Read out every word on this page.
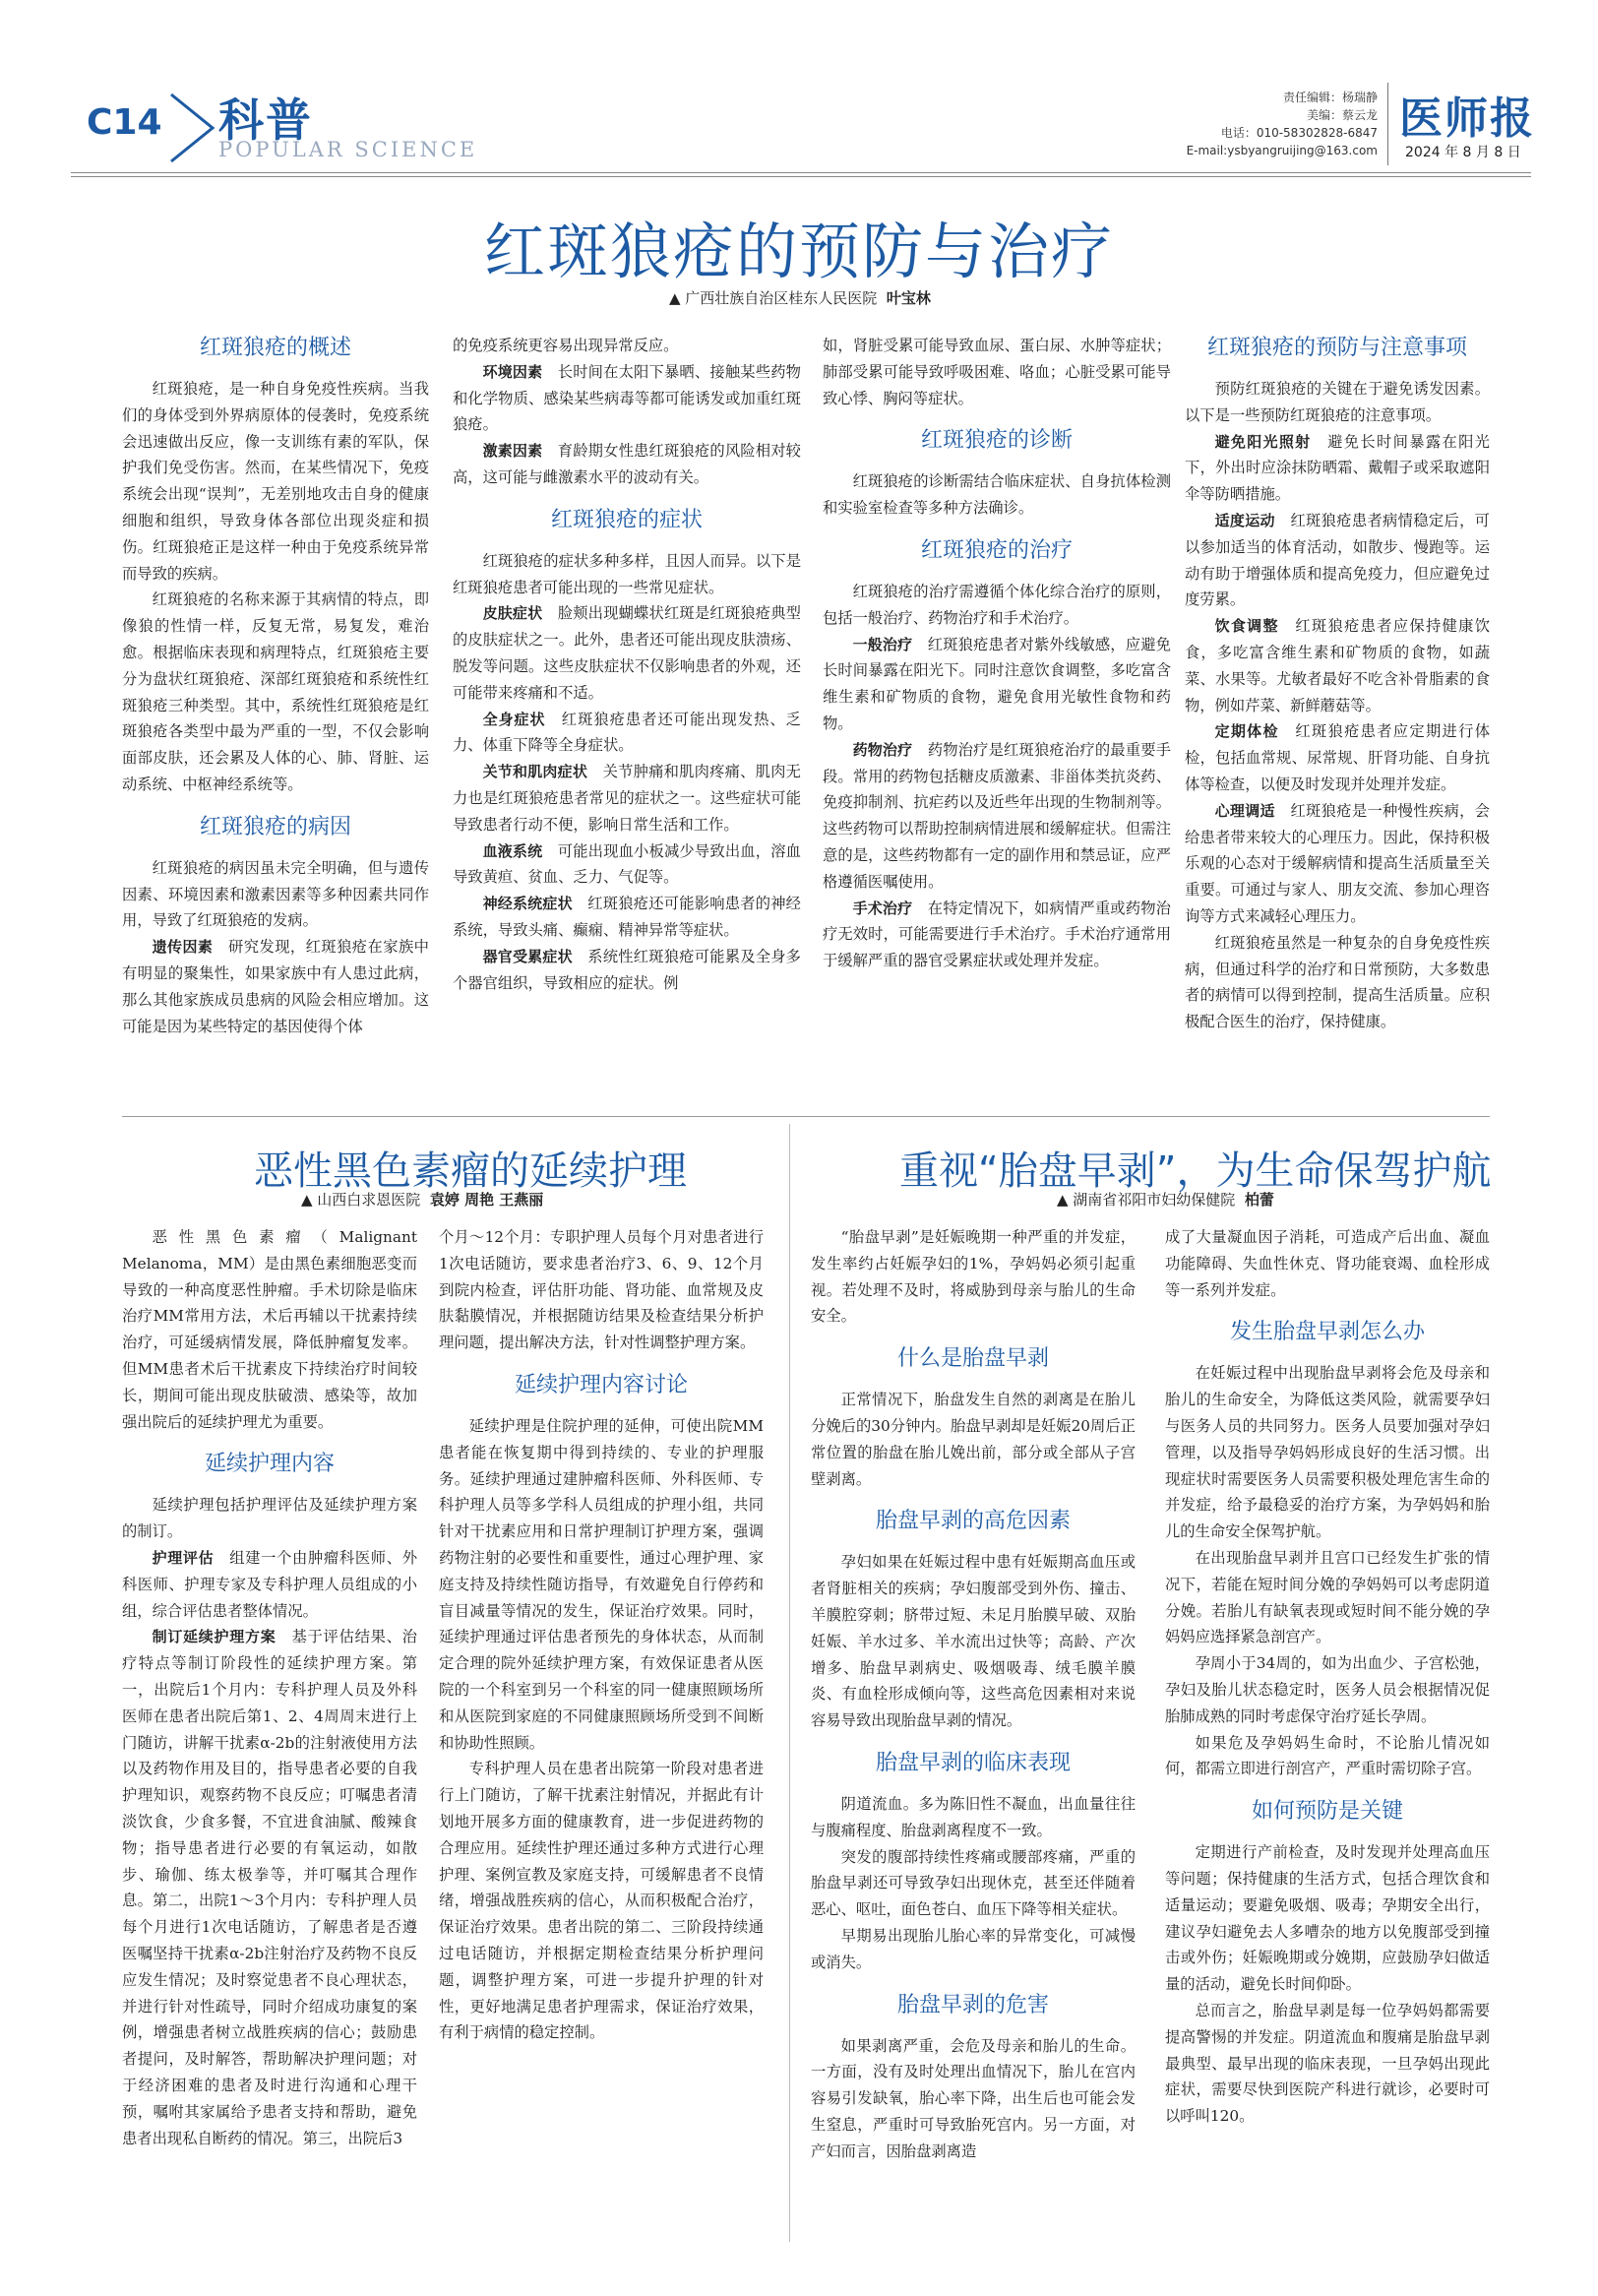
C14 科普
POPULAR SCIENCE
责任编辑：杨瑞静
美编：蔡云龙
电话：010-58302828-6847
E-mail:ysbyangruijing@163.com
医师报
2024 年 8 月 8 日
红斑狼疮的预防与治疗
▲ 广西壮族自治区桂东人民医院 叶宝林
红斑狼疮的概述

红斑狼疮，是一种自身免疫性疾病。当我们的身体受到外界病原体的侵袭时，免疫系统会迅速做出反应，像一支训练有素的军队，保护我们免受伤害。然而，在某些情况下，免疫系统会出现“误判”，无差别地攻击自身的健康细胞和组织，导致身体各部位出现炎症和损伤。红斑狼疮正是这样一种由于免疫系统异常而导致的疾病。

红斑狼疮的名称来源于其病情的特点，即像狼的性情一样，反复无常，易复发，难治愈。根据临床表现和病理特点，红斑狼疮主要分为盘状红斑狼疮、深部红斑狼疮和系统性红斑狼疮三种类型。其中，系统性红斑狼疮是红斑狼疮各类型中最为严重的一型，不仅会影响面部皮肤，还会累及人体的心、肺、肾脏、运动系统、中枢神经系统等。

红斑狼疮的病因

红斑狼疮的病因虽未完全明确，但与遗传因素、环境因素和激素因素等多种因素共同作用，导致了红斑狼疮的发病。

遗传因素　 研究发现，红斑狼疮在家族中有明显的聚集性，如果家族中有人患过此病，那么其他家族成员患病的风险会相应增加。这可能是因为某些特定的基因使得个体

的免疫系统更容易出现异常反应。

环境因素　 长时间在太阳下暴晒、接触某些药物和化学物质、感染某些病毒等都可能诱发或加重红斑狼疮。

激素因素　 育龄期女性患红斑狼疮的风险相对较高，这可能与雌激素水平的波动有关。

红斑狼疮的症状

红斑狼疮的症状多种多样，且因人而异。以下是红斑狼疮患者可能出现的一些常见症状。

皮肤症状　 脸颊出现蝴蝶状红斑是红斑狼疮典型的皮肤症状之一。此外，患者还可能出现皮肤溃疡、脱发等问题。这些皮肤症状不仅影响患者的外观，还可能带来疼痛和不适。

全身症状　 红斑狼疮患者还可能出现发热、乏力、体重下降等全身症状。

关节和肌肉症状　 关节肿痛和肌肉疼痛、肌肉无力也是红斑狼疮患者常见的症状之一。这些症状可能导致患者行动不便，影响日常生活和工作。

血液系统　 可能出现血小板减少导致出血，溶血导致黄疸、贫血、乏力、气促等。

神经系统症状　 红斑狼疮还可能影响患者的神经系统，导致头痛、癫痫、精神异常等症状。

器官受累症状　 系统性红斑狼疮可能累及全身多个器官组织，导致相应的症状。例

如，肾脏受累可能导致血尿、蛋白尿、水肿等症状；肺部受累可能导致呼吸困难、咯血；心脏受累可能导致心悸、胸闷等症状。

红斑狼疮的诊断

红斑狼疮的诊断需结合临床症状、自身抗体检测和实验室检查等多种方法确诊。

红斑狼疮的治疗

红斑狼疮的治疗需遵循个体化综合治疗的原则，包括一般治疗、药物治疗和手术治疗。

一般治疗　 红斑狼疮患者对紫外线敏感，应避免长时间暴露在阳光下。同时注意饮食调整，多吃富含维生素和矿物质的食物，避免食用光敏性食物和药物。

药物治疗　 药物治疗是红斑狼疮治疗的最重要手段。常用的药物包括糖皮质激素、非甾体类抗炎药、免疫抑制剂、抗疟药以及近些年出现的生物制剂等。这些药物可以帮助控制病情进展和缓解症状。但需注意的是，这些药物都有一定的副作用和禁忌证，应严格遵循医嘱使用。

手术治疗　 在特定情况下，如病情严重或药物治疗无效时，可能需要进行手术治疗。手术治疗通常用于缓解严重的器官受累症状或处理并发症。

红斑狼疮的预防与注意事项

预防红斑狼疮的关键在于避免诱发因素。以下是一些预防红斑狼疮的注意事项。

避免阳光照射　 避免长时间暴露在阳光下，外出时应涂抹防晒霜、戴帽子或采取遮阳伞等防晒措施。

适度运动　 红斑狼疮患者病情稳定后，可以参加适当的体育活动，如散步、慢跑等。运动有助于增强体质和提高免疫力，但应避免过度劳累。

饮食调整　 红斑狼疮患者应保持健康饮食，多吃富含维生素和矿物质的食物，如蔬菜、水果等。尤敏者最好不吃含补骨脂素的食物，例如芹菜、新鲜蘑菇等。

定期体检　 红斑狼疮患者应定期进行体检，包括血常规、尿常规、肝肾功能、自身抗体等检查，以便及时发现并处理并发症。

心理调适　 红斑狼疮是一种慢性疾病，会给患者带来较大的心理压力。因此，保持积极乐观的心态对于缓解病情和提高生活质量至关重要。可通过与家人、朋友交流、参加心理咨询等方式来减轻心理压力。

红斑狼疮虽然是一种复杂的自身免疫性疾病，但通过科学的治疗和日常预防，大多数患者的病情可以得到控制，提高生活质量。应积极配合医生的治疗，保持健康。

恶性黑色素瘤的延续护理
▲ 山西白求恩医院 袁婷 周艳 王燕丽

恶性黑色素瘤（Malignant Melanoma，MM）是由黑色素细胞恶变而导致的一种高度恶性肿瘤。手术切除是临床治疗MM常用方法，术后再辅以干扰素持续治疗，可延缓病情发展，降低肿瘤复发率。但MM患者术后干扰素皮下持续治疗时间较长，期间可能出现皮肤破溃、感染等，故加强出院后的延续护理尤为重要。

延续护理内容

延续护理包括护理评估及延续护理方案的制订。

护理评估　 组建一个由肿瘤科医师、外科医师、护理专家及专科护理人员组成的小组，综合评估患者整体情况。

制订延续护理方案　 基于评估结果、治疗特点等制订阶段性的延续护理方案。第一，出院后1个月内：专科护理人员及外科医师在患者出院后第1、2、4周周末进行上门随访，讲解干扰素α-2b的注射液使用方法以及药物作用及目的，指导患者必要的自我护理知识，观察药物不良反应；叮嘱患者清淡饮食，少食多餐，不宜进食油腻、酸辣食物；指导患者进行必要的有氧运动，如散步、瑜伽、练太极拳等，并叮嘱其合理作息。第二，出院1～3个月内：专科护理人员每个月进行1次电话随访，了解患者是否遵医嘱坚持干扰素α-2b注射治疗及药物不良反应发生情况；及时察觉患者不良心理状态，并进行针对性疏导，同时介绍成功康复的案例，增强患者树立战胜疾病的信心；鼓励患者提问，及时解答，帮助解决护理问题；对于经济困难的患者及时进行沟通和心理干预，嘱咐其家属给予患者支持和帮助，避免患者出现私自断药的情况。第三，出院后3

个月～12个月：专职护理人员每个月对患者进行1次电话随访，要求患者治疗3、6、9、12个月到院内检查，评估肝功能、肾功能、血常规及皮肤黏膜情况，并根据随访结果及检查结果分析护理问题，提出解决方法，针对性调整护理方案。

延续护理内容讨论

延续护理是住院护理的延伸，可使出院MM患者能在恢复期中得到持续的、专业的护理服务。延续护理通过建肿瘤科医师、外科医师、专科护理人员等多学科人员组成的护理小组，共同针对干扰素应用和日常护理制订护理方案，强调药物注射的必要性和重要性，通过心理护理、家庭支持及持续性随访指导，有效避免自行停药和盲目减量等情况的发生，保证治疗效果。同时，延续护理通过评估患者预先的身体状态，从而制定合理的院外延续护理方案，有效保证患者从医院的一个科室到另一个科室的同一健康照顾场所和从医院到家庭的不同健康照顾场所受到不间断和协助性照顾。

专科护理人员在患者出院第一阶段对患者进行上门随访，了解干扰素注射情况，并据此有计划地开展多方面的健康教育，进一步促进药物的合理应用。延续性护理还通过多种方式进行心理护理、案例宣教及家庭支持，可缓解患者不良情绪，增强战胜疾病的信心，从而积极配合治疗，保证治疗效果。患者出院的第二、三阶段持续通过电话随访，并根据定期检查结果分析护理问题，调整护理方案，可进一步提升护理的针对性，更好地满足患者护理需求，保证治疗效果，有利于病情的稳定控制。

重视“胎盘早剥”，为生命保驾护航
▲ 湖南省祁阳市妇幼保健院 柏蕾

“胎盘早剥”是妊娠晚期一种严重的并发症，发生率约占妊娠孕妇的1%，孕妈妈必须引起重视。若处理不及时，将威胁到母亲与胎儿的生命安全。

什么是胎盘早剥

正常情况下，胎盘发生自然的剥离是在胎儿分娩后的30分钟内。胎盘早剥却是妊娠20周后正常位置的胎盘在胎儿娩出前，部分或全部从子宫壁剥离。

胎盘早剥的高危因素

孕妇如果在妊娠过程中患有妊娠期高血压或者肾脏相关的疾病；孕妇腹部受到外伤、撞击、羊膜腔穿刺；脐带过短、未足月胎膜早破、双胎妊娠、羊水过多、羊水流出过快等；高龄、产次增多、胎盘早剥病史、吸烟吸毒、绒毛膜羊膜炎、有血栓形成倾向等，这些高危因素相对来说容易导致出现胎盘早剥的情况。

胎盘早剥的临床表现

阴道流血。多为陈旧性不凝血，出血量往往与腹痛程度、胎盘剥离程度不一致。

突发的腹部持续性疼痛或腰部疼痛，严重的胎盘早剥还可导致孕妇出现休克，甚至还伴随着恶心、呕吐，面色苍白、血压下降等相关症状。

早期易出现胎儿胎心率的异常变化，可减慢或消失。

胎盘早剥的危害

如果剥离严重，会危及母亲和胎儿的生命。一方面，没有及时处理出血情况下，胎儿在宫内容易引发缺氧，胎心率下降，出生后也可能会发生窒息，严重时可导致胎死宫内。另一方面，对产妇而言，因胎盘剥离造

成了大量凝血因子消耗，可造成产后出血、凝血功能障碍、失血性休克、肾功能衰竭、血栓形成等一系列并发症。

发生胎盘早剥怎么办

在妊娠过程中出现胎盘早剥将会危及母亲和胎儿的生命安全，为降低这类风险，就需要孕妇与医务人员的共同努力。医务人员要加强对孕妇管理，以及指导孕妈妈形成良好的生活习惯。出现症状时需要医务人员需要积极处理危害生命的并发症，给予最稳妥的治疗方案，为孕妈妈和胎儿的生命安全保驾护航。

在出现胎盘早剥并且宫口已经发生扩张的情况下，若能在短时间分娩的孕妈妈可以考虑阴道分娩。若胎儿有缺氧表现或短时间不能分娩的孕妈妈应选择紧急剖宫产。

孕周小于34周的，如为出血少、子宫松弛，孕妇及胎儿状态稳定时，医务人员会根据情况促胎肺成熟的同时考虑保守治疗延长孕周。

如果危及孕妈妈生命时，不论胎儿情况如何，都需立即进行剖宫产，严重时需切除子宫。

如何预防是关键

定期进行产前检查，及时发现并处理高血压等问题；保持健康的生活方式，包括合理饮食和适量运动；要避免吸烟、吸毒；孕期安全出行，建议孕妇避免去人多嘈杂的地方以免腹部受到撞击或外伤；妊娠晚期或分娩期，应鼓励孕妇做适量的活动，避免长时间仰卧。

总而言之，胎盘早剥是每一位孕妈妈都需要提高警惕的并发症。阴道流血和腹痛是胎盘早剥最典型、最早出现的临床表现，一旦孕妈出现此症状，需要尽快到医院产科进行就诊，必要时可以呼叫120。
